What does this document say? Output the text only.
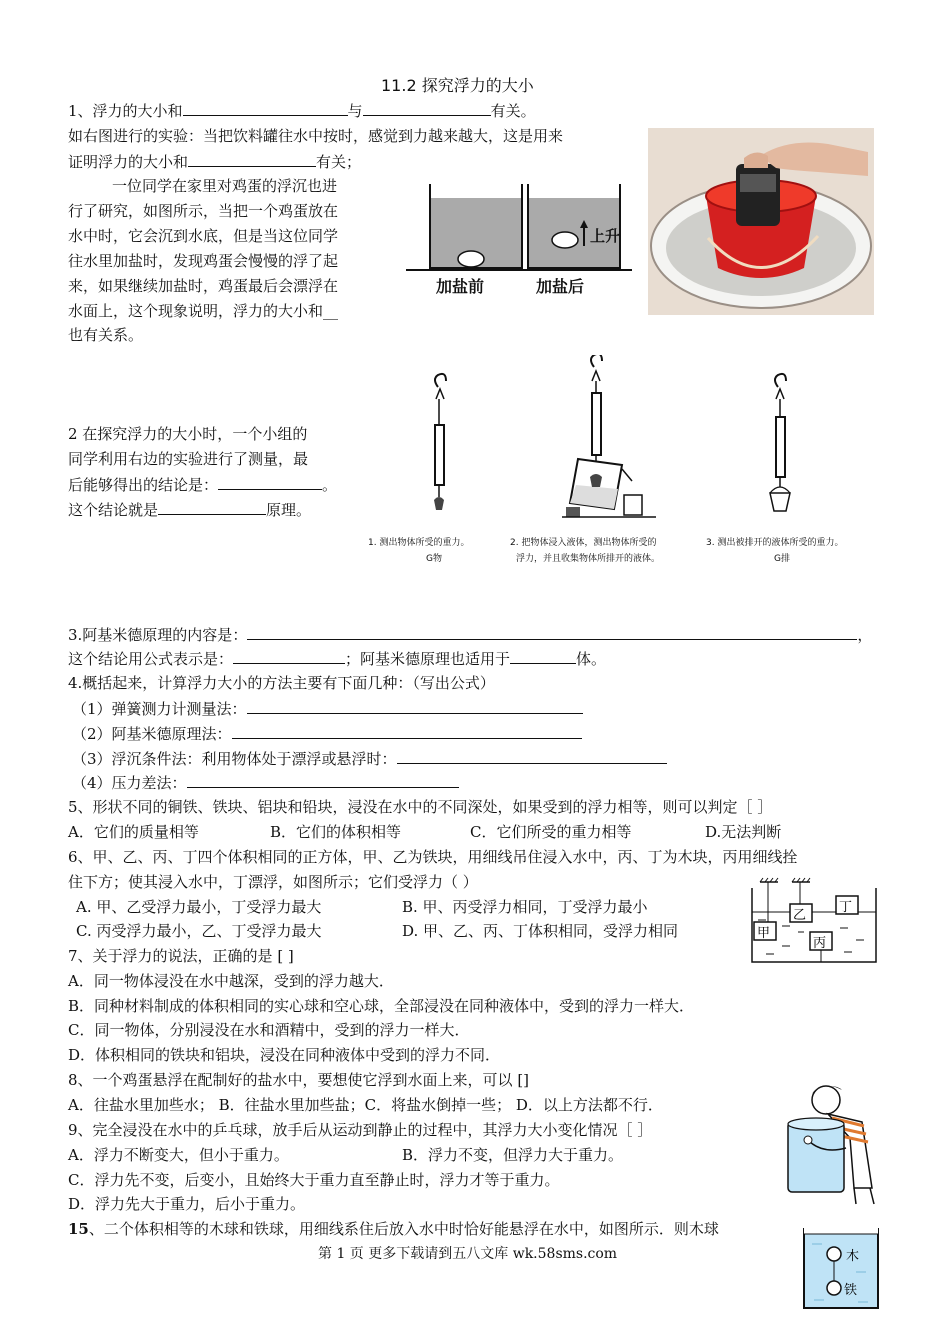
11.2 探究浮力的大小
1、浮力的大小和	与	有关。
如右图进行的实验：当把饮料罐往水中按时，感觉到力越来越大，这是用来
证明浮力的大小和	有关；
一位同学在家里对鸡蛋的浮沉也进
行了研究，如图所示，当把一个鸡蛋放在
水中时，它会沉到水底，但是当这位同学
往水里加盐时，发现鸡蛋会慢慢的浮了起
来，如果继续加盐时，鸡蛋最后会漂浮在
水面上，这个现象说明，浮力的大小和__
也有关系。
上升
加盐前	加盐后
2 在探究浮力的大小时，一个小组的
同学利用右边的实验进行了测量，最
后能够得出的结论是：	。
这个结论就是	原理。
1. 测出物体所受的重力。
G物
2. 把物体浸入液体，测出物体所受的
浮力，并且收集物体所排开的液体。
3. 测出被排开的液体所受的重力。
G排
3.阿基米德原理的内容是：	，
这个结论用公式表示是：	；阿基米德原理也适用于	体。
4.概括起来，计算浮力大小的方法主要有下面几种：（写出公式）
（1）弹簧测力计测量法：
（2）阿基米德原理法：
（3）浮沉条件法：利用物体处于漂浮或悬浮时：
（4）压力差法：
5、形状不同的铜铁、铁块、铝块和铅块，浸没在水中的不同深处，如果受到的浮力相等，则可以判定［ ］
A．它们的质量相等	B．它们的体积相等	C．它们所受的重力相等	D.无法判断
6、甲、乙、丙、丁四个体积相同的正方体，甲、乙为铁块，用细线吊住浸入水中，丙、丁为木块，丙用细线拴
住下方；使其浸入水中，丁漂浮，如图所示；它们受浮力（ ）
A. 甲、乙受浮力最小，丁受浮力最大	B. 甲、丙受浮力相同，丁受浮力最小
C. 丙受浮力最小，乙、丁受浮力最大	D. 甲、乙、丙、丁体积相同，受浮力相同	甲
乙
丙
丁
7、关于浮力的说法，正确的是 [ ]
A．同一物体浸没在水中越深，受到的浮力越大．
B．同种材料制成的体积相同的实心球和空心球，全部浸没在同种液体中，受到的浮力一样大．
C．同一物体，分别浸没在水和酒精中，受到的浮力一样大．
D．体积相同的铁块和铝块，浸没在同种液体中受到的浮力不同．
8、一个鸡蛋悬浮在配制好的盐水中，要想使它浮到水面上来，可以 []
A．往盐水里加些水； B．往盐水里加些盐；C．将盐水倒掉一些； D．以上方法都不行．
9、完全浸没在水中的乒乓球，放手后从运动到静止的过程中，其浮力大小变化情况［ ］
A．浮力不断变大，但小于重力。	B．浮力不变，但浮力大于重力。
C．浮力先不变，后变小，且始终大于重力直至静止时，浮力才等于重力。
D．浮力先大于重力，后小于重力。
15、二个体积相等的木球和铁球，用细线系住后放入水中时恰好能悬浮在水中，如图所示．则木球
木
铁
第 1 页 更多下载请到五八文库 wk.58sms.com
